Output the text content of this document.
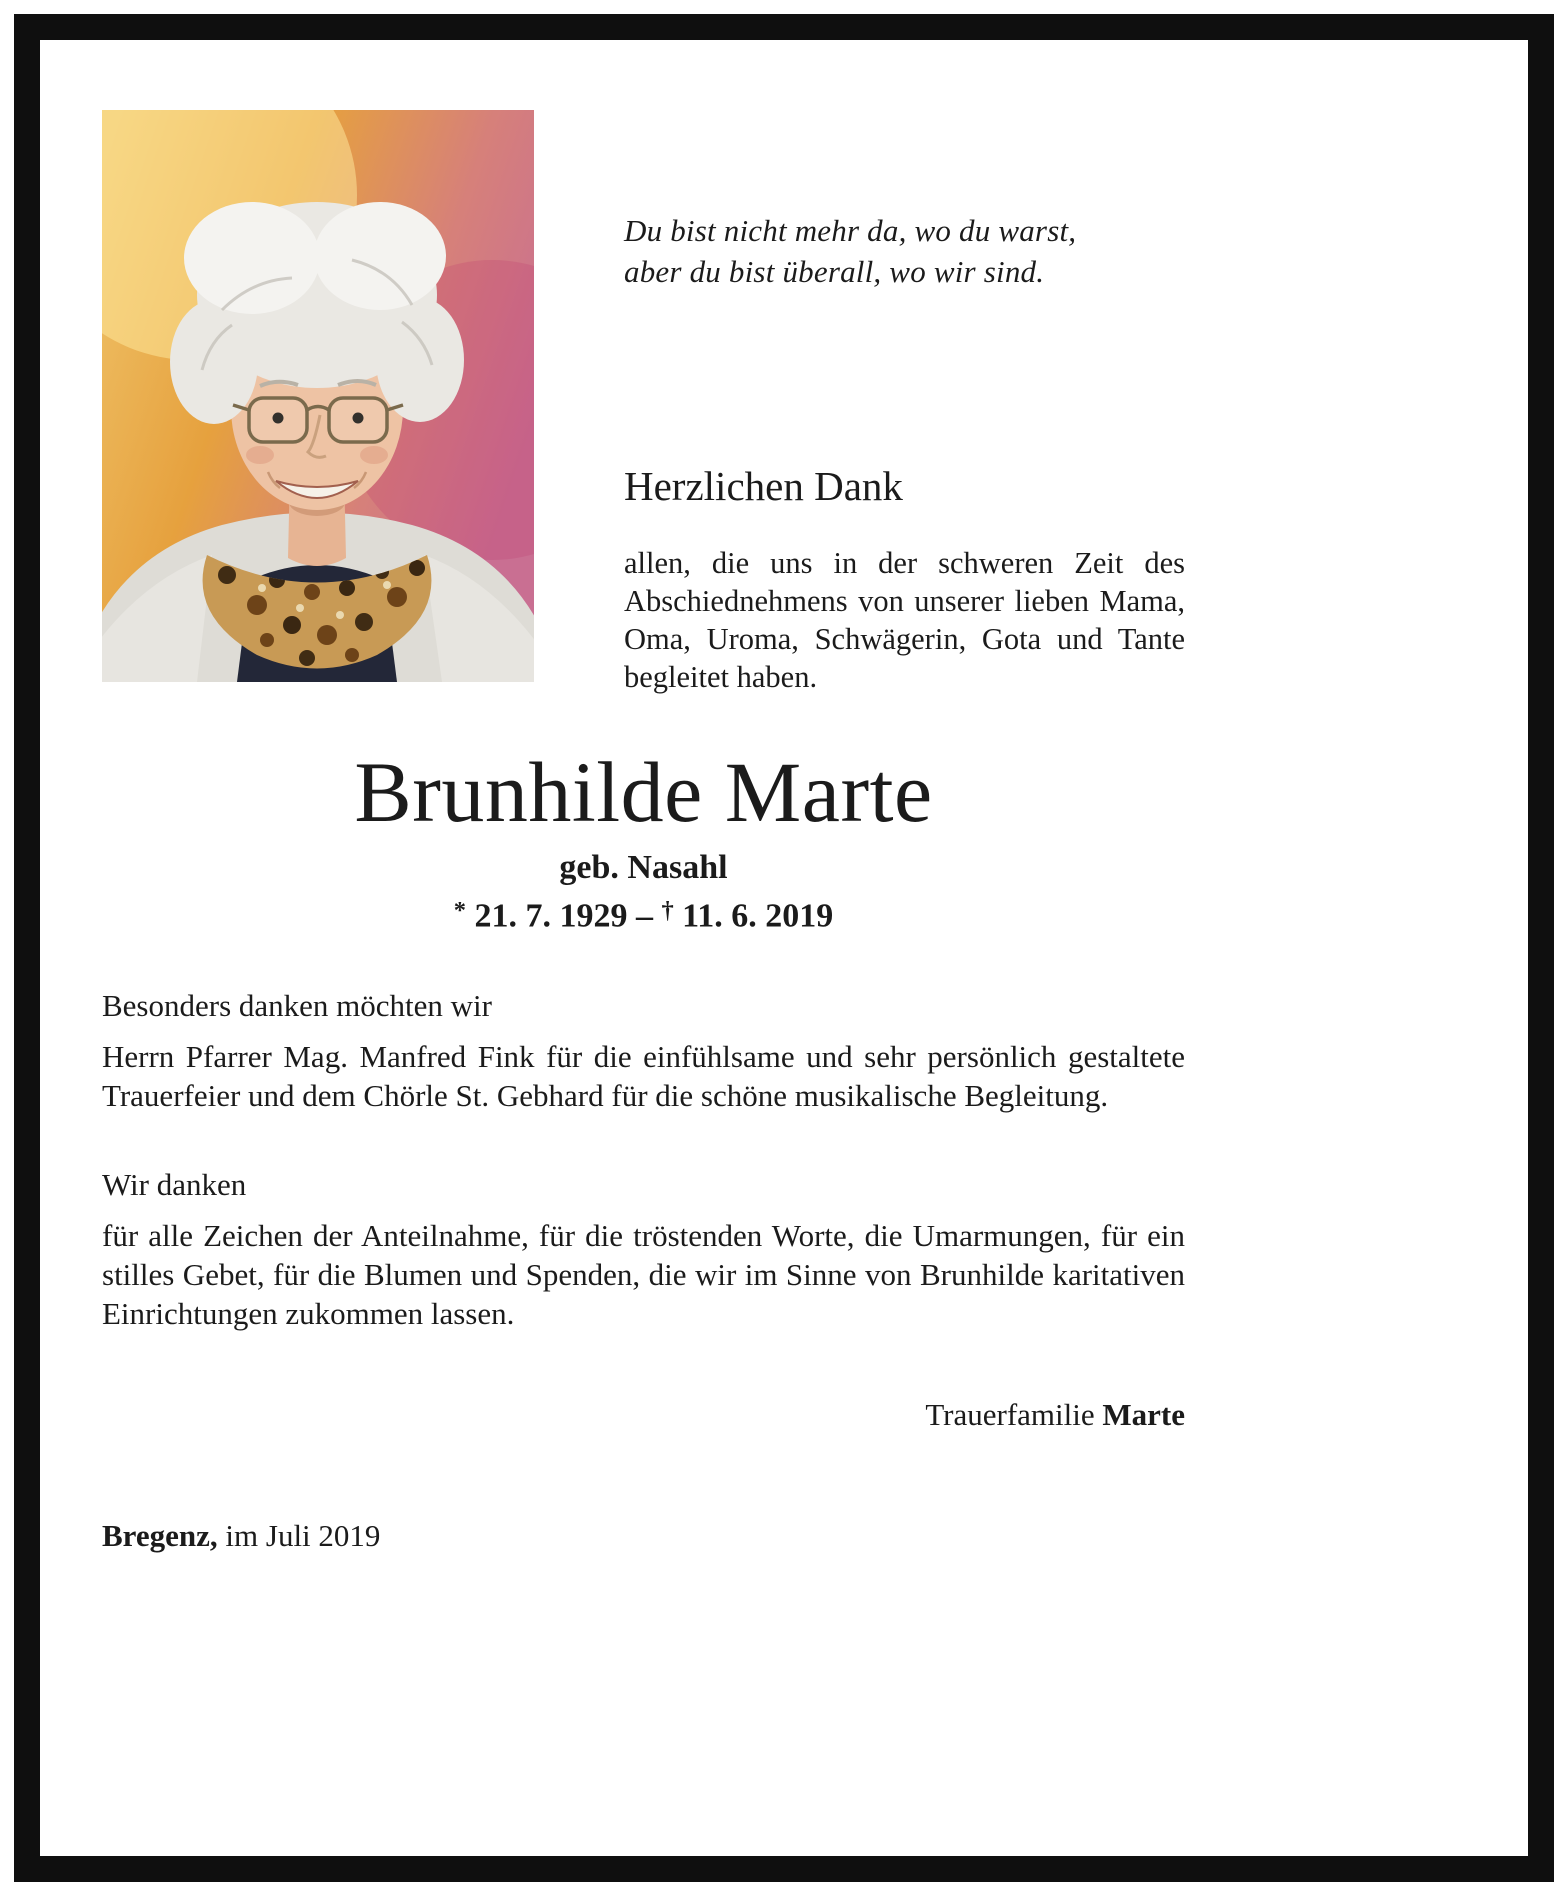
Du bist nicht mehr da, wo du warst,
aber du bist überall, wo wir sind.
Herzlichen Dank

allen, die uns in der schweren Zeit des Abschiednehmens von unserer lieben Mama, Oma, Uroma, Schwägerin, Gota und Tante begleitet haben.

Brunhilde Marte
geb. Nasahl
* 21. 7. 1929 – † 11. 6. 2019

Besonders danken möchten wir

Herrn Pfarrer Mag. Manfred Fink für die einfühlsame und sehr persönlich gestaltete Trauerfeier und dem Chörle St. Gebhard für die schöne musikalische Begleitung.

Wir danken

für alle Zeichen der Anteilnahme, für die tröstenden Worte, die Umarmungen, für ein stilles Gebet, für die Blumen und Spenden, die wir im Sinne von Brunhilde karitativen Einrichtungen zukommen lassen.

Trauerfamilie Marte
Bregenz, im Juli 2019
